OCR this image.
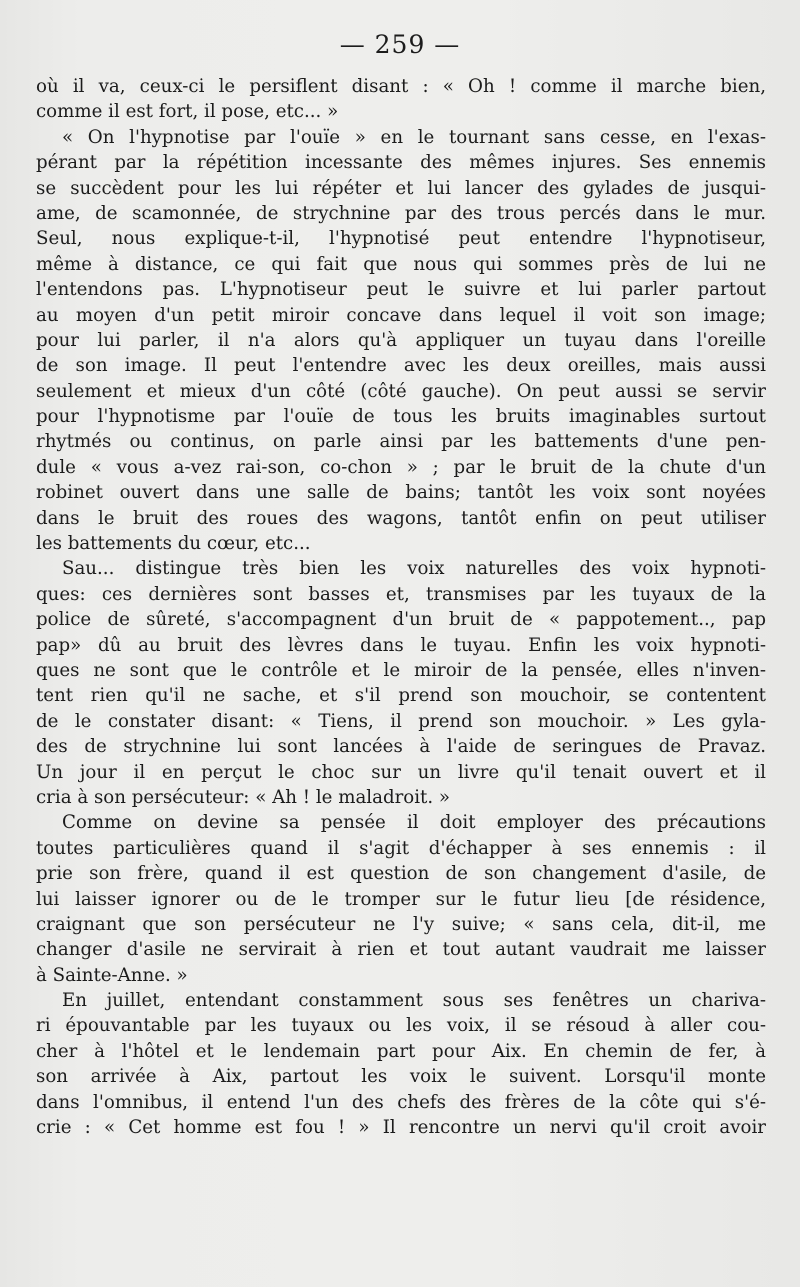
— 259 —
où il va, ceux-ci le persiflent disant : « Oh ! comme il marche bien,
comme il est fort, il pose, etc... »
« On l'hypnotise par l'ouïe » en le tournant sans cesse, en l'exas-
pérant par la répétition incessante des mêmes injures. Ses ennemis
se succèdent pour les lui répéter et lui lancer des gylades de jusqui-
ame, de scamonnée, de strychnine par des trous percés dans le mur.
Seul, nous explique-t-il, l'hypnotisé peut entendre l'hypnotiseur,
même à distance, ce qui fait que nous qui sommes près de lui ne
l'entendons pas. L'hypnotiseur peut le suivre et lui parler partout
au moyen d'un petit miroir concave dans lequel il voit son image;
pour lui parler, il n'a alors qu'à appliquer un tuyau dans l'oreille
de son image. Il peut l'entendre avec les deux oreilles, mais aussi
seulement et mieux d'un côté (côté gauche). On peut aussi se servir
pour l'hypnotisme par l'ouïe de tous les bruits imaginables surtout
rhytmés ou continus, on parle ainsi par les battements d'une pen-
dule « vous a-vez rai-son, co-chon » ; par le bruit de la chute d'un
robinet ouvert dans une salle de bains; tantôt les voix sont noyées
dans le bruit des roues des wagons, tantôt enfin on peut utiliser
les battements du cœur, etc...
Sau... distingue très bien les voix naturelles des voix hypnoti-
ques: ces dernières sont basses et, transmises par les tuyaux de la
police de sûreté, s'accompagnent d'un bruit de « pappotement.., pap
pap» dû au bruit des lèvres dans le tuyau. Enfin les voix hypnoti-
ques ne sont que le contrôle et le miroir de la pensée, elles n'inven-
tent rien qu'il ne sache, et s'il prend son mouchoir, se contentent
de le constater disant: « Tiens, il prend son mouchoir. » Les gyla-
des de strychnine lui sont lancées à l'aide de seringues de Pravaz.
Un jour il en perçut le choc sur un livre qu'il tenait ouvert et il
cria à son persécuteur: « Ah ! le maladroit. »
Comme on devine sa pensée il doit employer des précautions
toutes particulières quand il s'agit d'échapper à ses ennemis : il
prie son frère, quand il est question de son changement d'asile, de
lui laisser ignorer ou de le tromper sur le futur lieu [de résidence,
craignant que son persécuteur ne l'y suive; « sans cela, dit-il, me
changer d'asile ne servirait à rien et tout autant vaudrait me laisser
à Sainte-Anne. »
En juillet, entendant constamment sous ses fenêtres un chariva-
ri épouvantable par les tuyaux ou les voix, il se résoud à aller cou-
cher à l'hôtel et le lendemain part pour Aix. En chemin de fer, à
son arrivée à Aix, partout les voix le suivent. Lorsqu'il monte
dans l'omnibus, il entend l'un des chefs des frères de la côte qui s'é-
crie : « Cet homme est fou ! » Il rencontre un nervi qu'il croit avoir
